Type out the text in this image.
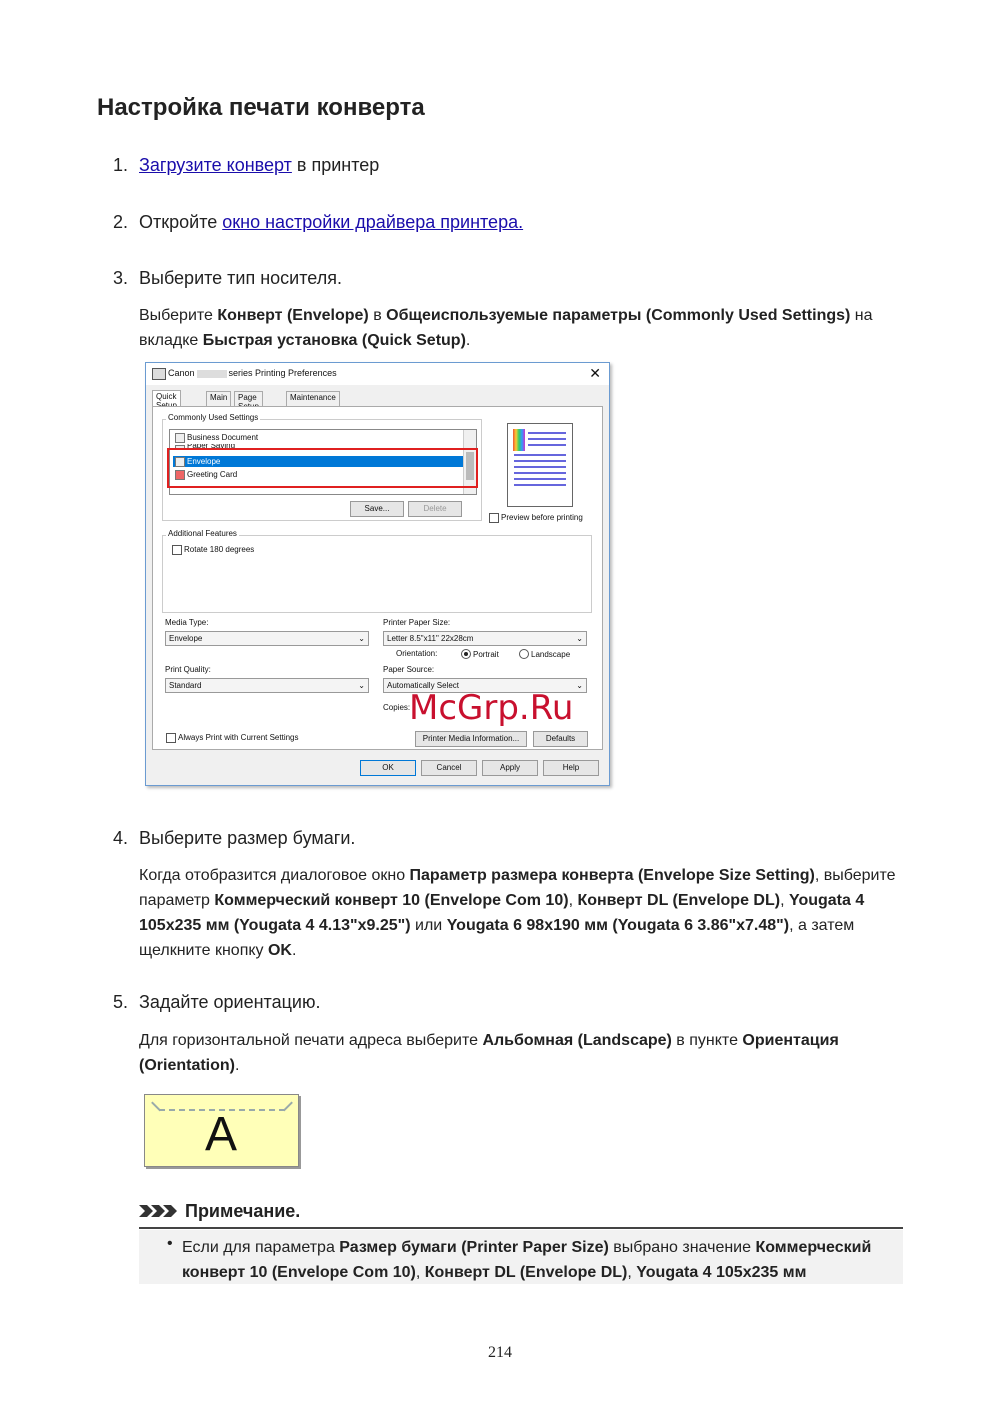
Настройка печати конверта
1. Загрузите конверт в принтер
2. Откройте окно настройки драйвера принтера.
3. Выберите тип носителя.
Выберите Конверт (Envelope) в Общеиспользуемые параметры (Commonly Used Settings) на вкладке Быстрая установка (Quick Setup).
Canon	series Printing Preferences	✕
Quick	Main	Page	Maintenance
Commonly Used Settings
Business Document
Paper Saving
Envelope
Greeting Card
Save...	Delete
Preview before printing
Additional Features
Rotate 180 degrees
Media Type:
Envelope	⌄
Printer Paper Size:
Letter 8.5"x11" 22x28cm	⌄
Orientation:	Portrait	Landscape
Print Quality:
Standard	⌄
Paper Source:
Automatically Select	⌄
Copies:
Always Print with Current Settings	Printer Media Information...	Defaults
OK	Cancel	Apply	Help
McGrp.Ru
4. Выберите размер бумаги.
Когда отобразится диалоговое окно Параметр размера конверта (Envelope Size Setting), выберите параметр Коммерческий конверт 10 (Envelope Com 10), Конверт DL (Envelope DL), Yougata 4 105x235 мм (Yougata 4 4.13"x9.25") или Yougata 6 98x190 мм (Yougata 6 3.86"x7.48"), а затем щелкните кнопку OK.
5. Задайте ориентацию.
Для горизонтальной печати адреса выберите Альбомная (Landscape) в пункте Ориентация (Orientation).
A
Примечание.
• Если для параметра Размер бумаги (Printer Paper Size) выбрано значение Коммерческий конверт 10 (Envelope Com 10), Конверт DL (Envelope DL), Yougata 4 105x235 мм
214
